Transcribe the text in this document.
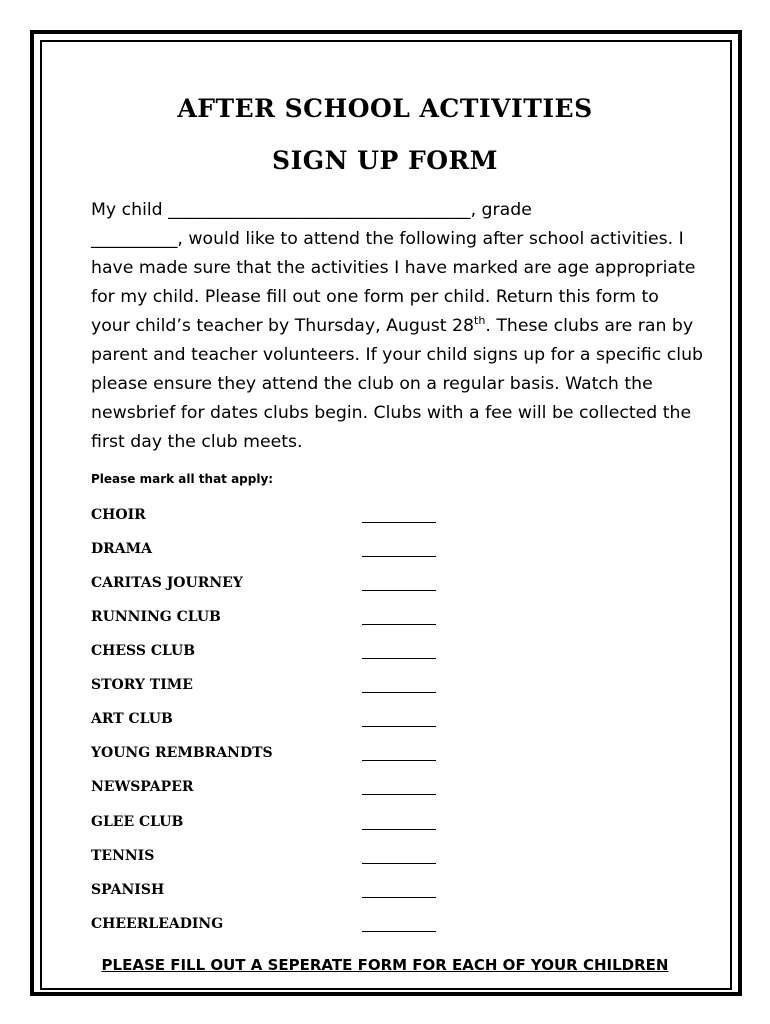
AFTER SCHOOL ACTIVITIES
SIGN UP FORM
My child ___________________________________, grade
__________, would like to attend the following after school activities. I
have made sure that the activities I have marked are age appropriate
for my child. Please fill out one form per child. Return this form to
your child’s teacher by Thursday, August 28th. These clubs are ran by
parent and teacher volunteers. If your child signs up for a specific club
please ensure they attend the club on a regular basis. Watch the
newsbrief for dates clubs begin. Clubs with a fee will be collected the
first day the club meets.
Please mark all that apply:
CHOIR
DRAMA
CARITAS JOURNEY
RUNNING CLUB
CHESS CLUB
STORY TIME
ART CLUB
YOUNG REMBRANDTS
NEWSPAPER
GLEE CLUB
TENNIS
SPANISH
CHEERLEADING
PLEASE FILL OUT A SEPERATE FORM FOR EACH OF YOUR CHILDREN
